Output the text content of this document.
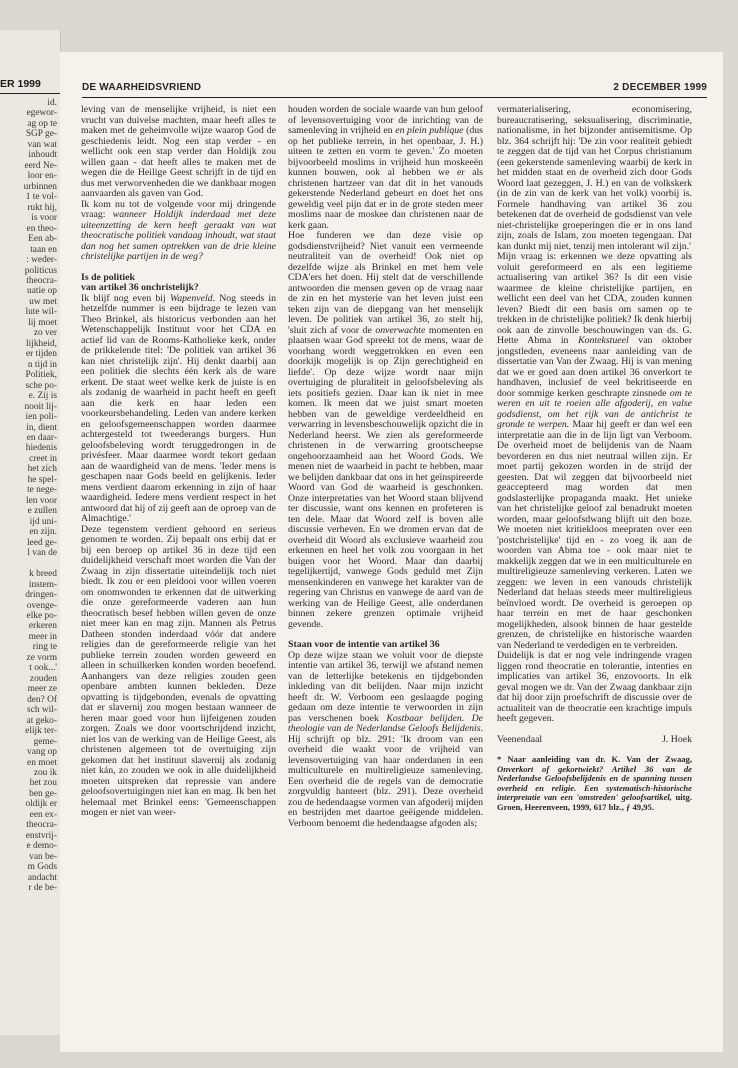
ER 1999
id.
egewor-
ag op te
SGP ge-
van wat
inhoudt
eerd Ne-
loor en-
urbinnen
1 te vol-
rukt hij,
is voor
en theo-
Een ab-
taan en
: weder-
politicus
theocra-
uatie op
uw met
lute wil-
lij moet
zo ver
lijkheid,
er tijden
n tijd in
Politiek,
sche po-
e. Zij is
nooit lij-
ien poli-
in, dient
en daar-
hiedenis
creet in
het zich
he spel-
te nege-
len voor
e zullen
ijd uni-
en zijn.
leed ge-
l van de

k breed
instem-
dringen-
ovenge-
elke po-
erkeren
meer in
ring te
ze vorm
t ook...'
zouden
meer ze
den? Of
sch wil-
at geko-
elijk ter-
geme-
vang op
en moet
zou ik
het zou
ben ge-
oldijk er
een ex-
theocra-
enstvrij-
e demo-
van be-
m Gods
andacht
r de be-
DE WAARHEIDSVRIEND	2 DECEMBER 1999

leving van de menselijke vrijheid, is niet een vrucht van duivelse machten, maar heeft alles te maken met de geheimvolle wijze waarop God de geschiedenis leidt. Nog een stap verder - en wellicht ook een stap verder dan Holdijk zou willen gaan - dat heeft alles te maken met de wegen die de Heilige Geest schrijft in de tijd en dus met verworvenheden die we dankbaar mogen aanvaarden als gaven van God.

Ik kom nu tot de volgende voor mij dringende vraag: wanneer Holdijk inderdaad met deze uiteenzetting de kern heeft geraakt van wat theocratische politiek vandaag inhoudt, wat staat dan nog het samen optrekken van de drie kleine christelijke partijen in de weg?

Is de politiek
van artikel 36 onchristelijk?

Ik blijf nog even bij Wapenveld. Nog steeds in hetzelfde nummer is een bijdrage te lezen van Theo Brinkel, als historicus verbonden aan het Wetenschappelijk Instituut voor het CDA en actief lid van de Rooms-Katholieke kerk, onder de prikkelende titel: 'De politiek van artikel 36 kan niet christelijk zijn'. Hij denkt daarbij aan een politiek die slechts één kerk als de ware erkent. De staat weet welke kerk de juiste is en als zodanig de waarheid in pacht heeft en geeft aan die kerk en haar leden een voorkeursbehandeling. Leden van andere kerken en geloofsgemeenschappen worden daarmee achtergesteld tot tweederangs burgers. Hun geloofsbeleving wordt teruggedrongen in de privésfeer. Maar daarmee wordt tekort gedaan aan de waardigheid van de mens. 'Ieder mens is geschapen naar Gods beeld en gelijkenis. Ieder mens verdient daarom erkenning in zijn of haar waardigheid. Iedere mens verdient respect in het antwoord dat hij of zij geeft aan de oproep van de Almachtige.'

Deze tegenstem verdient gehoord en serieus genomen te worden. Zij bepaalt ons erbij dat er bij een beroep op artikel 36 in deze tijd een duidelijkheid verschaft moet worden die Van der Zwaag in zijn dissertatie uiteindelijk toch niet biedt. Ik zou er een pleidooi voor willen voeren om onomwonden te erkennen dat de uitwerking die onze gereformeerde vaderen aan hun theocratisch besef hebben willen geven de onze niet meer kan en mag zijn. Mannen als Petrus Datheen stonden inderdaad vóór dat andere religies dan de gereformeerde religie van het publieke terrein zouden worden geweerd en alleen in schuilkerken konden worden beoefend. Aanhangers van deze religies zouden geen openbare ambten kunnen bekleden. Deze opvatting is tijdgebonden, evenals de opvatting dat er slavernij zou mogen bestaan wanneer de heren maar goed voor hun lijfeigenen zouden zorgen. Zoals we door voortschrijdend inzicht, niet los van de werking van de Heilige Geest, als christenen algemeen tot de overtuiging zijn gekomen dat het instituut slavernij als zodanig niet kán, zo zouden we ook in alle duidelijkheid moeten uitspreken dat repressie van andere geloofsovertuigingen niet kan en mag. Ik ben het helemaal met Brinkel eens: 'Gemeenschappen mogen er niet van weer-

houden worden de sociale waarde van hun geloof of levensovertuiging voor de inrichting van de samenleving in vrijheid en en plein publique (dus op het publieke terrein, in het openbaar, J. H.) uiteen te zetten en vorm te geven.' Zo moeten bijvoorbeeld moslims in vrijheid hun moskeeën kunnen bouwen, ook al hebben we er als christenen hartzeer van dat dit in het vanouds gekerstende Nederland gebeurt en doet het ons geweldig veel pijn dat er in de grote steden meer moslims naar de moskee dan christenen naar de kerk gaan.

Hoe funderen we dan deze visie op godsdienstvrijheid? Niet vanuit een vermeende neutraliteit van de overheid! Ook niet op dezelfde wijze als Brinkel en met hem vele CDA'ers het doen. Hij stelt dat de verschillende antwoorden die mensen geven op de vraag naar de zin en het mysterie van het leven juist een teken zijn van de diepgang van het menselijk leven. De politiek van artikel 36, zo stelt hij, 'sluit zich af voor de onverwachte momenten en plaatsen waar God spreekt tot de mens, waar de voorhang wordt weggetrokken en even een doorkijk mogelijk is op Zijn gerechtigheid en liefde'. Op deze wijze wordt naar mijn overtuiging de pluraliteit in geloofsbeleving als iets positiefs gezien. Daar kan ik niet in mee komen. Ik meen dat we juist smart moeten hebben van de geweldige verdeeldheid en verwarring in levensbeschouwelijk opzicht die in Nederland heerst. We zien als gereformeerde christenen in de verwarring grootscheepse ongehoorzaamheid aan het Woord Gods. We menen niet de waarheid in pacht te hebben, maar we belijden dankbaar dat ons in het geïnspireerde Woord van God de waarheid is geschonken. Onze interpretaties van het Woord staan blijvend ter discussie, want ons kennen en profeteren is ten dele. Maar dat Woord zelf is boven alle discussie verheven. En we dromen ervan dat de overheid dit Woord als exclusieve waarheid zou erkennen en heel het volk zou voorgaan in het buigen voor het Woord. Maar dan daarbij tegelijkertijd, vanwege Gods geduld met Zijn mensenkinderen en vanwege het karakter van de regering van Christus en vanwege de aard van de werking van de Heilige Geest, alle onderdanen binnen zekere grenzen optimale vrijheid gevende.

Staan voor de intentie van artikel 36

Op deze wijze staan we voluit voor de diepste intentie van artikel 36, terwijl we afstand nemen van de letterlijke betekenis en tijdgebonden inkleding van dit belijden. Naar mijn inzicht heeft dr. W. Verboom een geslaagde poging gedaan om deze intentie te verwoorden in zijn pas verschenen boek Kostbaar belijden. De theologie van de Nederlandse Geloofs Belijdenis. Hij schrijft op blz. 291: 'Ik droom van een overheid die waakt voor de vrijheid van levensovertuiging van haar onderdanen in een multiculturele en multireligieuze samenleving. Een overheid die de regels van de democratie zorgvuldig hanteert (blz. 291). Deze overheid zou de hedendaagse vormen van afgoderij mijden en bestrijden met daartoe geëigende middelen. Verboom benoemt die hedendaagse afgoden als;

vermaterialisering, economisering, bureaucratisering, seksualisering, discriminatie, nationalisme, in het bijzonder antisemitisme. Op blz. 364 schrijft hij: 'De zin voor realiteit gebiedt te zeggen dat de tijd van het Corpus christianum (een gekerstende samenleving waarbij de kerk in het midden staat en de overheid zich door Gods Woord laat gezeggen, J. H.) en van de volkskerk (in de zin van de kerk van het volk) voorbij is. Formele handhaving van artikel 36 zou betekenen dat de overheid de godsdienst van vele niet-christelijke groeperingen die er in ons land zijn, zoals de Islam, zou moeten tegengaan. Dat kan dunkt mij niet, tenzij men intolerant wil zijn.'

Mijn vraag is: erkennen we deze opvatting als voluit gereformeerd en als een legitieme actualisering van artikel 36? Is dit een visie waarmee de kleine christelijke partijen, en wellicht een deel van het CDA, zouden kunnen leven? Biedt dit een basis om samen op te trekken in de christelijke politiek? Ik denk hierbij ook aan de zinvolle beschouwingen van ds. G. Hette Abma in Kontekstueel van oktober jongstleden, eveneens naar aanleiding van de dissertatie van Van der Zwaag. Hij is van mening dat we er goed aan doen artikel 36 onverkort te handhaven, inclusief de veel bekritiseerde en door sommige kerken geschrapte zinsnede om te weren en uit te roeien alle afgoderij, en valse godsdienst, om het rijk van de antichrist te gronde te werpen. Maar hij geeft er dan wel een interpretatie aan die in de lijn ligt van Verboom. De overheid moet de belijdenis van de Naam bevorderen en dus niet neutraal willen zijn. Er moet partij gekozen worden in de strijd der geesten. Dat wil zeggen dat bijvoorbeeld niet geaccepteerd mag worden dat men godslasterlijke propaganda maakt. Het unieke van het christelijke geloof zal benadrukt moeten worden, maar geloofsdwang blijft uit den boze. We moeten niet kritiekloos meepraten over een 'postchristelijke' tijd en - zo voeg ik aan de woorden van Abma toe - ook maar niet te makkelijk zeggen dat we in een multiculturele en multireligieuze samenleving verkeren. Laten we zeggen: we leven in een vanouds christelijk Nederland dat helaas steeds meer multireligieus beïnvloed wordt. De overheid is geroepen op haar terrein en met de haar geschonken mogelijkheden, alsook binnen de haar gestelde grenzen, de christelijke en historische waarden van Nederland te verdedigen en te verbreiden.

Duidelijk is dat er nog vele indringende vragen liggen rond theocratie en tolerantie, intenties en implicaties van artikel 36, enzovoorts. In elk geval mogen we dr. Van der Zwaag dankbaar zijn dat hij door zijn proefschrift de discussie over de actualiteit van de theocratie een krachtige impuls heeft gegeven.

Veenendaal	J. Hoek
* Naar aanleiding van dr. K. Van der Zwaag, Onverkort of gekortwiekt? Artikel 36 van de Nederlandse Geloofsbelijdenis en de spanning tussen overheid en religie. Een systematisch-historische interpretatie van een 'omstreden' geloofsartikel, uitg. Groen, Heerenveen, 1999, 617 blz., ƒ 49,95.
